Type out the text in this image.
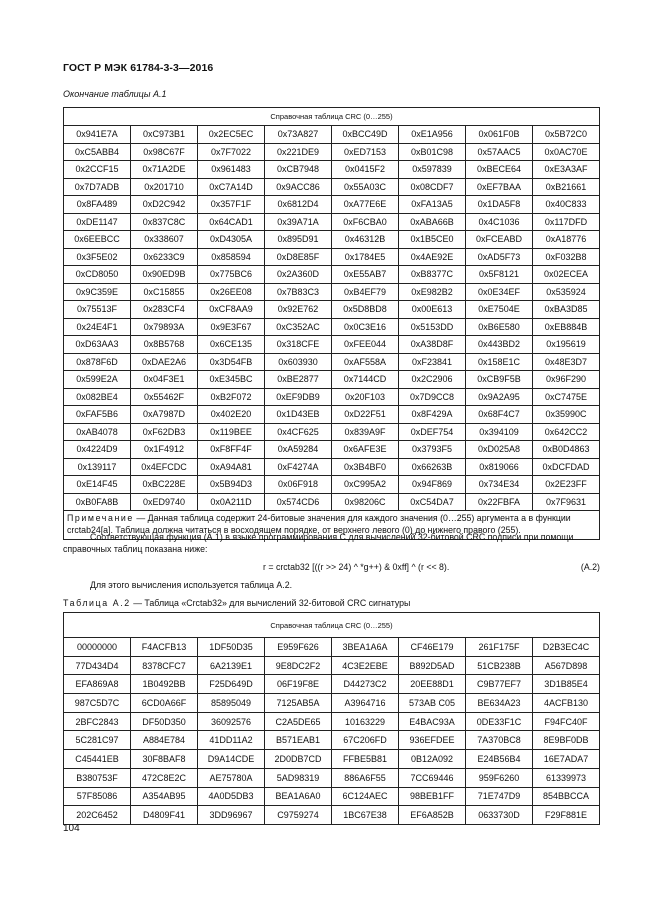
ГОСТ Р МЭК 61784-3-3—2016
Окончание таблицы А.1
Справочная таблица CRC (0…255)							
0x941E7A	0xC973B1	0x2EC5EC	0x73A827	0xBCC49D	0xE1A956	0x061F0B	0x5B72C0
0xC5ABB4	0x98C67F	0x7F7022	0x221DE9	0xED7153	0xB01C98	0x57AAC5	0x0AC70E
0x2CCF15	0x71A2DE	0x961483	0xCB7948	0x0415F2	0x597839	0xBECE64	0xE3A3AF
0x7D7ADB	0x201710	0xC7A14D	0x9ACC86	0x55A03C	0x08CDF7	0xEF7BAA	0xB21661
0x8FA489	0xD2C942	0x357F1F	0x6812D4	0xA77E6E	0xFA13A5	0x1DA5F8	0x40C833
0xDE1147	0x837C8C	0x64CAD1	0x39A71A	0xF6CBA0	0xABA66B	0x4C1036	0x117DFD
0x6EEBCC	0x338607	0xD4305A	0x895D91	0x46312B	0x1B5CE0	0xFCEABD	0xA18776
0x3F5E02	0x6233C9	0x858594	0xD8E85F	0x1784E5	0x4AE92E	0xAD5F73	0xF032B8
0xCD8050	0x90ED9B	0x775BC6	0x2A360D	0xE55AB7	0xB8377C	0x5F8121	0x02ECEA
0x9C359E	0xC15855	0x26EE08	0x7B83C3	0xB4EF79	0xE982B2	0x0E34EF	0x535924
0x75513F	0x283CF4	0xCF8AA9	0x92E762	0x5D8BD8	0x00E613	0xE7504E	0xBA3D85
0x24E4F1	0x79893A	0x9E3F67	0xC352AC	0x0C3E16	0x5153DD	0xB6E580	0xEB884B
0xD63AA3	0x8B5768	0x6CE135	0x318CFE	0xFEE044	0xA38D8F	0x443BD2	0x195619
0x878F6D	0xDAE2A6	0x3D54FB	0x603930	0xAF558A	0xF23841	0x158E1C	0x48E3D7
0x599E2A	0x04F3E1	0xE345BC	0xBE2877	0x7144CD	0x2C2906	0xCB9F5B	0x96F290
0x082BE4	0x55462F	0xB2F072	0xEF9DB9	0x20F103	0x7D9CC8	0x9A2A95	0xC7475E
0xFAF5B6	0xA7987D	0x402E20	0x1D43EB	0xD22F51	0x8F429A	0x68F4C7	0x35990C
0xAB4078	0xF62DB3	0x119BEE	0x4CF625	0x839A9F	0xDEF754	0x394109	0x642CC2
0x4224D9	0x1F4912	0xF8FF4F	0xA59284	0x6AFE3E	0x3793F5	0xD025A8	0xB0D4863
0x139117	0x4EFCDC	0xA94A81	0xF4274A	0x3B4BF0	0x66263B	0x819066	0xDCFDAD
0xE14F45	0xBC228E	0x5B94D3	0x06F918	0xC995A2	0x94F869	0x734E34	0x2E23FF
0xB0FA8B	0xED9740	0x0A211D	0x574CD6	0x98206C	0xC54DA7	0x22FBFA	0x7F9631
Примечание — Данная таблица содержит 24-битовые значения для каждого значения (0…255) аргумента a в функции crctab24[a]. Таблица должна читаться в восходящем порядке, от верхнего левого (0) до нижнего правого (255).							
Соответствующая функция (А.1) в языке программирования С для вычислений 32-битовой CRC подписи при помощи справочных таблиц показана ниже:
r = crctab32 [((r >> 24) ^ *g++) & 0xff] ^ (r << 8).	(А.2)
Для этого вычисления используется таблица А.2.
Таблица А.2 — Таблица «Crctab32» для вычислений 32-битовой CRC сигнатуры
Справочная таблица CRC (0…255)							
00000000	F4ACFB13	1DF50D35	E959F626	3BEA1A6A	CF46E179	261F175F	D2B3EC4C
77D434D4	8378CFC7	6A2139E1	9E8DC2F2	4C3E2EBE	B892D5AD	51CB238B	A567D898
EFA869A8	1B0492BB	F25D649D	06F19F8E	D44273C2	20EE88D1	C9B77EF7	3D1B85E4
987C5D7C	6CD0A66F	85895049	7125AB5A	A3964716	573AB C05	BE634A23	4ACFB130
2BFC2843	DF50D350	36092576	C2A5DE65	10163229	E4BAC93A	0DE33F1C	F94FC40F
5C281C97	A884E784	41DD11A2	B571EAB1	67C206FD	936EFDEE	7A370BC8	8E9BF0DB
C45441EB	30F8BAF8	D9A14CDE	2D0DB7CD	FFBE5B81	0B12A092	E24B56B4	16E7ADA7
B380753F	472C8E2C	AE75780A	5AD98319	886A6F55	7CC69446	959F6260	61339973
57F85086	A354AB95	4A0D5DB3	BEA1A6A0	6C124AEC	98BEB1FF	71E747D9	854BBCCA
202C6452	D4809F41	3DD96967	C9759274	1BC67E38	EF6A852B	0633730D	F29F881E
104
